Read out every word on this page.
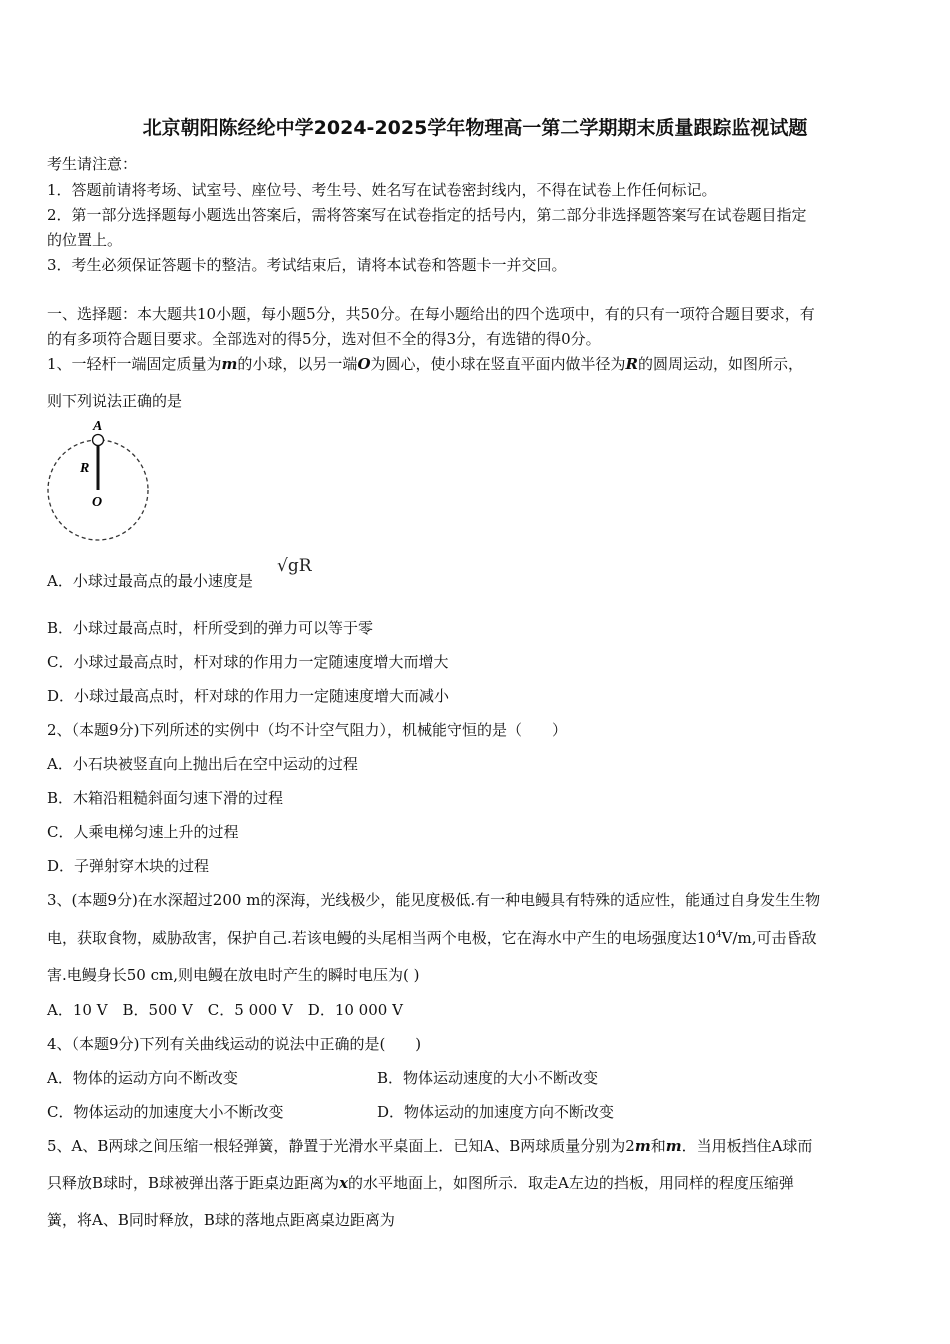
北京朝阳陈经纶中学2024-2025学年物理高一第二学期期末质量跟踪监视试题
考生请注意：
1．答题前请将考场、试室号、座位号、考生号、姓名写在试卷密封线内，不得在试卷上作任何标记。
2．第一部分选择题每小题选出答案后，需将答案写在试卷指定的括号内，第二部分非选择题答案写在试卷题目指定
的位置上。
3．考生必须保证答题卡的整洁。考试结束后，请将本试卷和答题卡一并交回。
一、选择题：本大题共10小题，每小题5分，共50分。在每小题给出的四个选项中，有的只有一项符合题目要求，有
的有多项符合题目要求。全部选对的得5分，选对但不全的得3分，有选错的得0分。
1、一轻杆一端固定质量为m的小球，以另一端O为圆心，使小球在竖直平面内做半径为R的圆周运动，如图所示，
则下列说法正确的是
A
R
O
A．小球过最高点的最小速度是
√gR
B．小球过最高点时，杆所受到的弹力可以等于零
C．小球过最高点时，杆对球的作用力一定随速度增大而增大
D．小球过最高点时，杆对球的作用力一定随速度增大而减小
2、（本题9分)下列所述的实例中（均不计空气阻力），机械能守恒的是（　　）
A．小石块被竖直向上抛出后在空中运动的过程
B．木箱沿粗糙斜面匀速下滑的过程
C．人乘电梯匀速上升的过程
D．子弹射穿木块的过程
3、(本题9分)在水深超过200 m的深海，光线极少，能见度极低.有一种电鳗具有特殊的适应性，能通过自身发生生物
电，获取食物，威胁敌害，保护自己.若该电鳗的头尾相当两个电极，它在海水中产生的电场强度达$10^4V/m$,可击昏敌
害.电鳗身长50 cm,则电鳗在放电时产生的瞬时电压为( )
A．10 V　B．500 V　C．5 000 V　D．10 000 V
4、（本题9分)下列有关曲线运动的说法中正确的是(　　)
A．物体的运动方向不断改变	B．物体运动速度的大小不断改变
C．物体运动的加速度大小不断改变	D．物体运动的加速度方向不断改变
5、A、B两球之间压缩一根轻弹簧，静置于光滑水平桌面上．已知A、B两球质量分别为2m和m．当用板挡住A球而
只释放B球时，B球被弹出落于距桌边距离为x的水平地面上，如图所示．取走A左边的挡板，用同样的程度压缩弹
簧，将A、B同时释放，B球的落地点距离桌边距离为
